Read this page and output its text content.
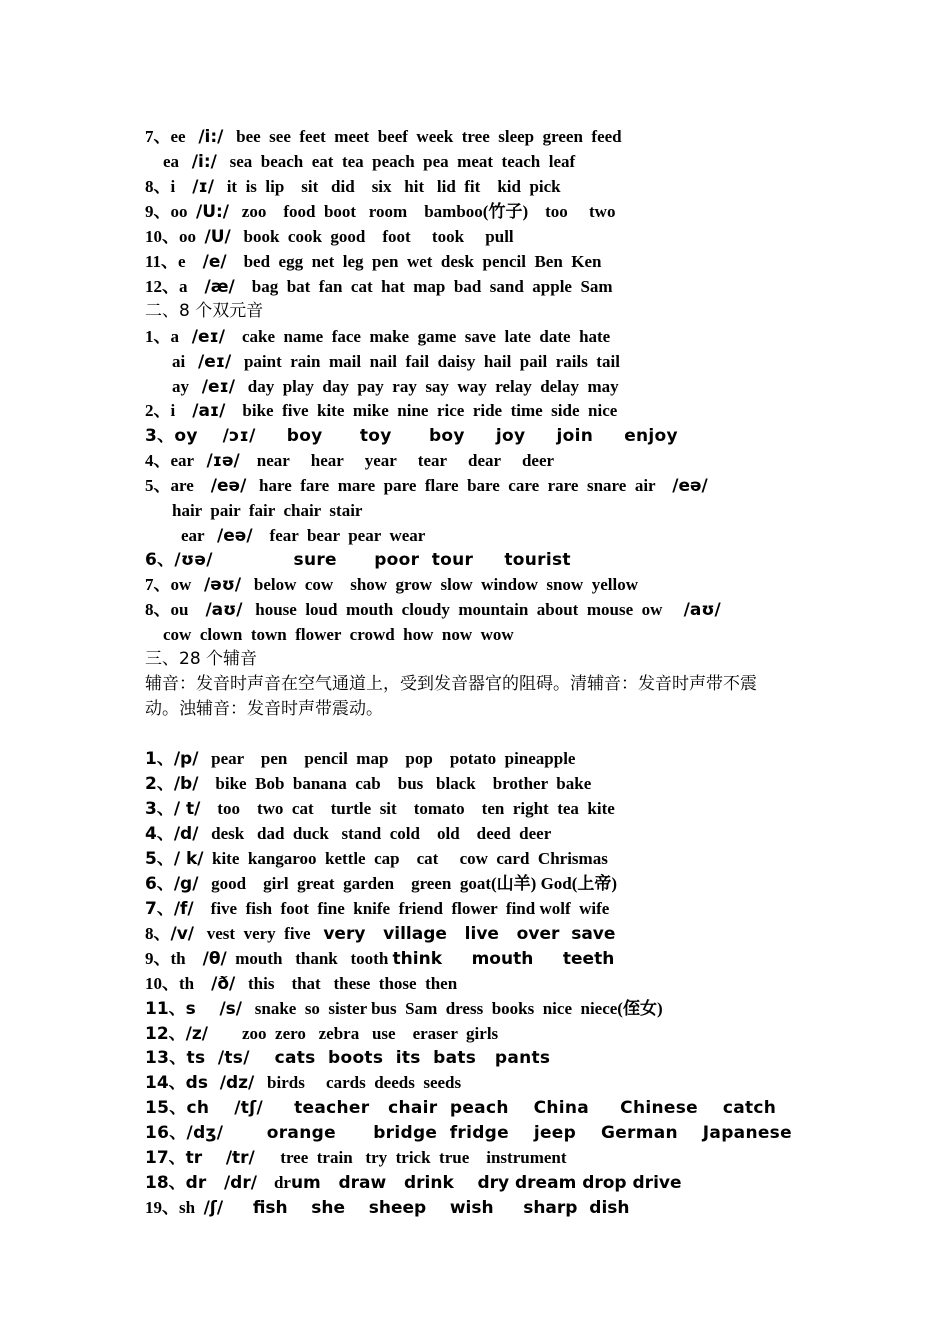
7、ee   /i:/   bee  see  feet  meet  beef  week  tree  sleep  green  feed
ea   /i:/   sea  beach  eat  tea  peach  pea  meat  teach  leaf
8、i    /ɪ/   it  is  lip    sit   did    six   hit   lid  fit    kid  pick
9、oo  /U:/   zoo    food  boot   room    bamboo(竹子)    too     two
10、oo  /U/   book  cook  good    foot     took     pull
11、e    /e/    bed  egg  net  leg  pen  wet  desk  pencil  Ben  Ken
12、a    /æ/    bag  bat  fan  cat  hat  map  bad  sand  apple  Sam
二、8 个双元音
1、a   /eɪ/    cake  name  face  make  game  save  late  date  hate
ai   /eɪ/   paint  rain  mail  nail  fail  daisy  hail  pail  rails  tail
ay   /eɪ/   day  play  day  pay  ray  say  way  relay  delay  may
2、i    /aɪ/    bike  five  kite  mike  nine  rice  ride  time  side  nice
3、oy    /ɔɪ/     boy      toy      boy     joy     join     enjoy
4、ear   /ɪə/    near     hear     year     tear     dear     deer
5、are    /eə/   hare  fare  mare  pare  flare  bare  care  rare  snare  air    /eə/
hair  pair  fair  chair  stair
ear   /eə/    fear  bear  pear  wear
6、/ʊə/             sure      poor  tour     tourist
7、ow   /əʊ/   below  cow    show  grow  slow  window  snow  yellow
8、ou    /aʊ/   house  loud  mouth  cloudy  mountain  about  mouse  ow     /aʊ/
cow  clown  town  flower  crowd  how  now  wow
三、28 个辅音
辅音：发音时声音在空气通道上，受到发音器官的阻碍。清辅音：发音时声带不震
动。浊辅音：发音时声带震动。
1、/p/   pear    pen    pencil  map    pop    potato  pineapple
2、/b/    bike  Bob  banana  cab    bus   black    brother  bake
3、/ t/    too    two  cat    turtle  sit    tomato    ten  right  tea  kite
4、/d/   desk   dad  duck   stand  cold    old    deed  deer
5、/ k/  kite  kangaroo  kettle  cap    cat     cow  card  Chrismas
6、/g/   good    girl  great  garden    green  goat(山羊) God(上帝)
7、/f/    five  fish  foot  fine  knife  friend  flower  find wolf  wife
8、/v/   vest  very  five   very   village   live   over  save
9、th    /θ/  mouth   thank   tooth think     mouth     teeth
10、th    /ð/   this    that   these  those  then
11、s    /s/   snake  so  sister bus  Sam  dress  books  nice  niece(侄女)
12、/z/        zoo  zero   zebra   use    eraser  girls
13、ts  /ts/    cats  boots  its  bats   pants
14、ds  /dz/   birds     cards  deeds  seeds
15、ch    /tʃ/     teacher   chair  peach    China     Chinese    catch
16、/dʒ/       orange      bridge  fridge    jeep    German    Japanese
17、tr    /tr/      tree  train   try  trick  true    instrument
18、dr   /dr/    drum   draw   drink    dry dream drop drive
19、sh  /ʃ/ fish    she    sheep    wish     sharp  dish
